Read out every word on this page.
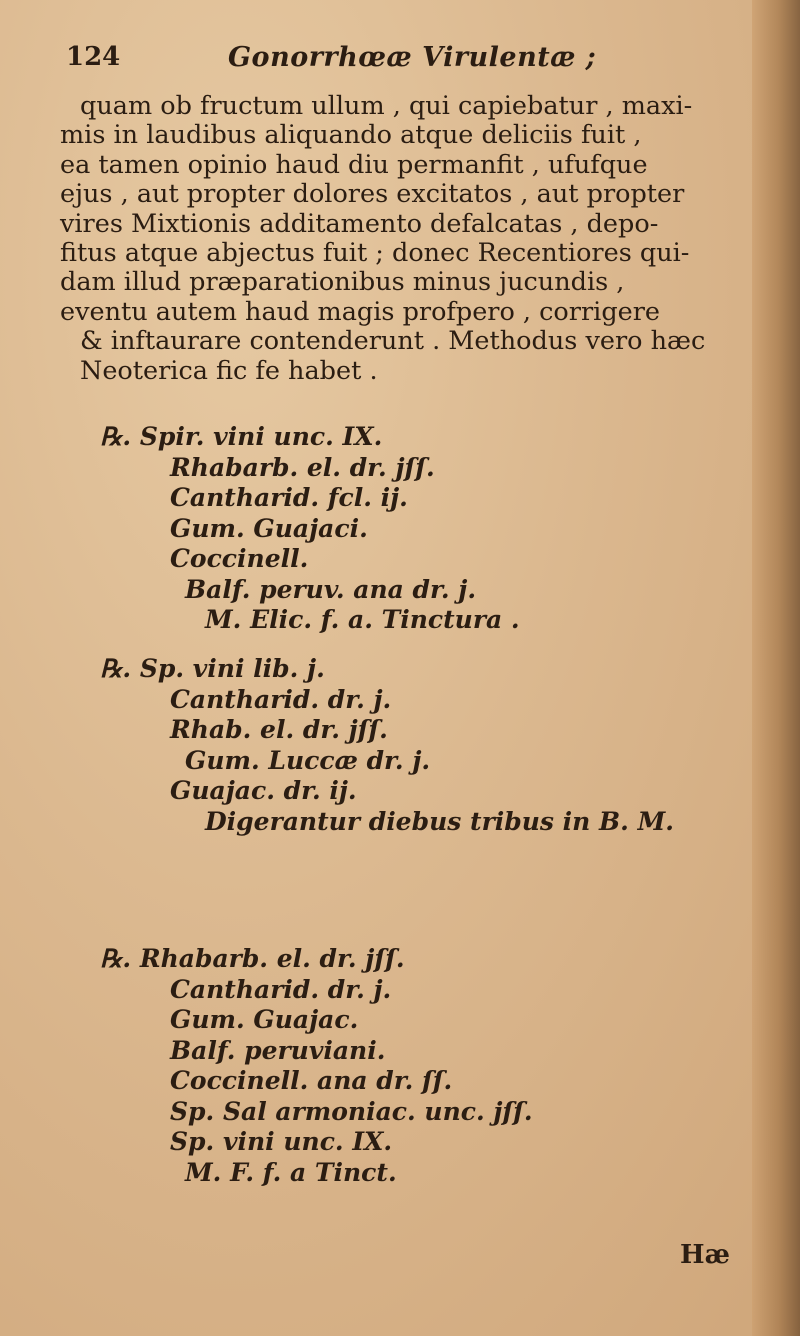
124	Gonorrhœæ Virulentæ ;
quam ob fructum ullum , qui capiebatur , maxi-
mis in laudibus aliquando atque deliciis fuit ,
ea tamen opinio haud diu permanfit , ufufque
ejus , aut propter dolores excitatos , aut propter
vires Mixtionis additamento defalcatas , depo-
fitus atque abjectus fuit ; donec Recentiores qui-
dam illud præparationibus minus jucundis ,
eventu autem haud magis profpero , corrigere
& inftaurare contenderunt . Methodus vero hæc
Neoterica fic fe habet .
℞. Spir. vini unc. IX.
Rhabarb. el. dr. jſſ.
Cantharid. fcl. ij.
Gum. Guajaci.
Coccinell.
Balf. peruv. ana dr. j.
M. Elic. f. a. Tinctura .
℞. Sp. vini lib. j.
Cantharid. dr. j.
Rhab. el. dr. jſſ.
Gum. Luccæ dr. j.
Guajac. dr. ij.
Digerantur diebus tribus in B. M.
℞. Rhabarb. el. dr. jſſ.
Cantharid. dr. j.
Gum. Guajac.
Balf. peruviani.
Coccinell. ana dr. ſſ.
Sp. Sal armoniac. unc. jſſ.
Sp. vini unc. IX.
M. F. f. a Tinct.
Hæ
